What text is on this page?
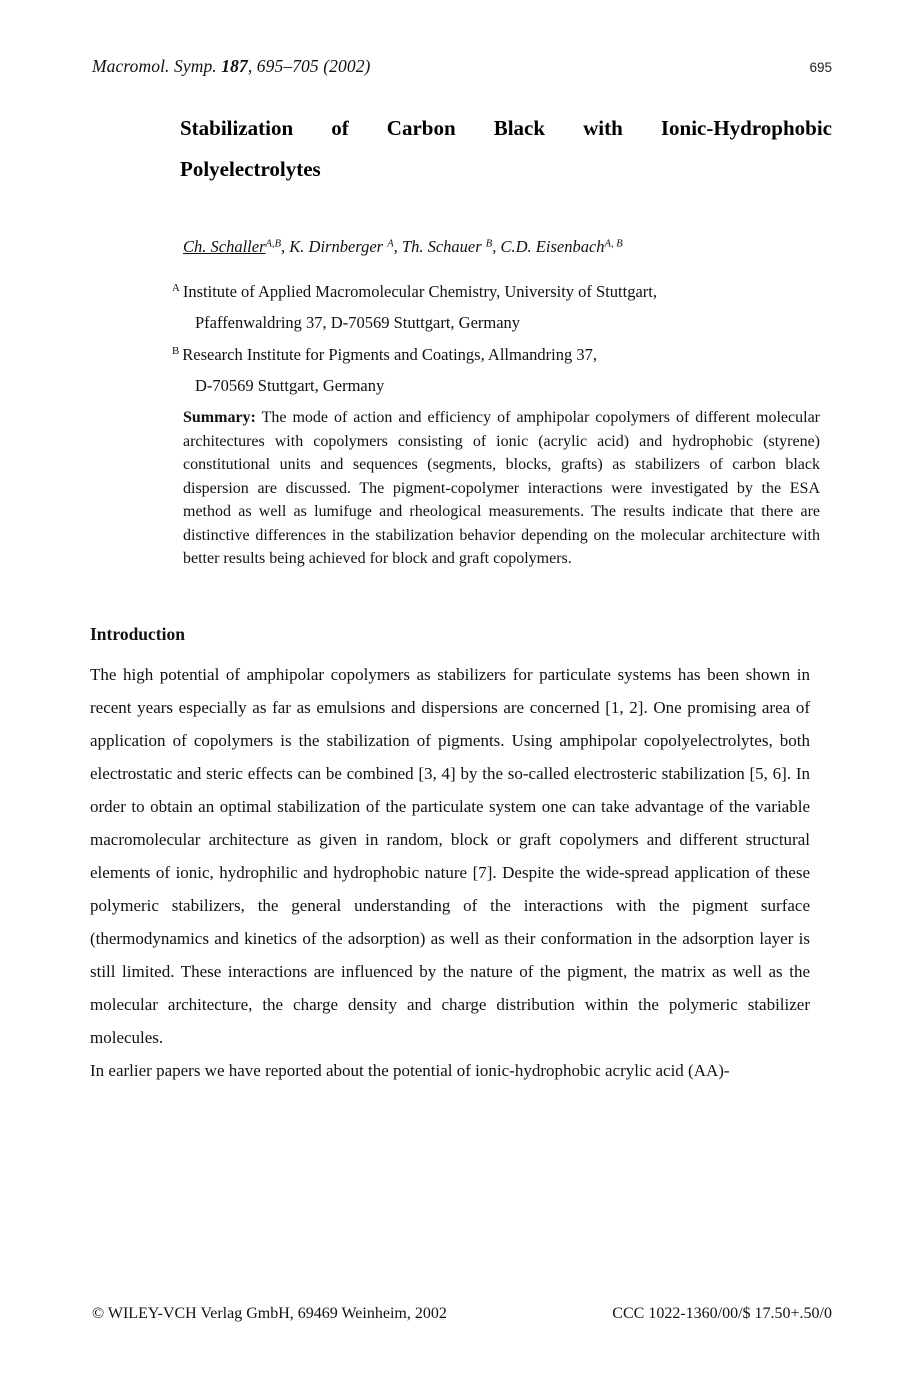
Macromol. Symp. 187, 695–705 (2002)	695
Stabilization of Carbon Black with Ionic-Hydrophobic
Polyelectrolytes
Ch. Schaller$^{A,B}$, K. Dirnberger $^A$, Th. Schauer $^B$, C.D. Eisenbach$^{A, B}$
$^A$ Institute of Applied Macromolecular Chemistry, University of Stuttgart,
Pfaffenwaldring 37, D-70569 Stuttgart, Germany
$^B$ Research Institute for Pigments and Coatings, Allmandring 37,
D-70569 Stuttgart, Germany
Summary: The mode of action and efficiency of amphipolar copolymers of different molecular architectures with copolymers consisting of ionic (acrylic acid) and hydrophobic (styrene) constitutional units and sequences (segments, blocks, grafts) as stabilizers of carbon black dispersion are discussed. The pigment-copolymer interactions were investigated by the ESA method as well as lumifuge and rheological measurements. The results indicate that there are distinctive differences in the stabilization behavior depending on the molecular architecture with better results being achieved for block and graft copolymers.
Introduction

The high potential of amphipolar copolymers as stabilizers for particulate systems has been shown in recent years especially as far as emulsions and dispersions are concerned [1, 2]. One promising area of application of copolymers is the stabilization of pigments. Using amphipolar copolyelectrolytes, both electrostatic and steric effects can be combined [3, 4] by the so-called electrosteric stabilization [5, 6]. In order to obtain an optimal stabilization of the particulate system one can take advantage of the variable macromolecular architecture as given in random, block or graft copolymers and different structural elements of ionic, hydrophilic and hydrophobic nature [7]. Despite the wide-spread application of these polymeric stabilizers, the general understanding of the interactions with the pigment surface (thermodynamics and kinetics of the adsorption) as well as their conformation in the adsorption layer is still limited. These interactions are influenced by the nature of the pigment, the matrix as well as the molecular architecture, the charge density and charge distribution within the polymeric stabilizer molecules.

In earlier papers we have reported about the potential of ionic-hydrophobic acrylic acid (AA)-

© WILEY-VCH Verlag GmbH, 69469 Weinheim, 2002	CCC 1022-1360/00/$ 17.50+.50/0
